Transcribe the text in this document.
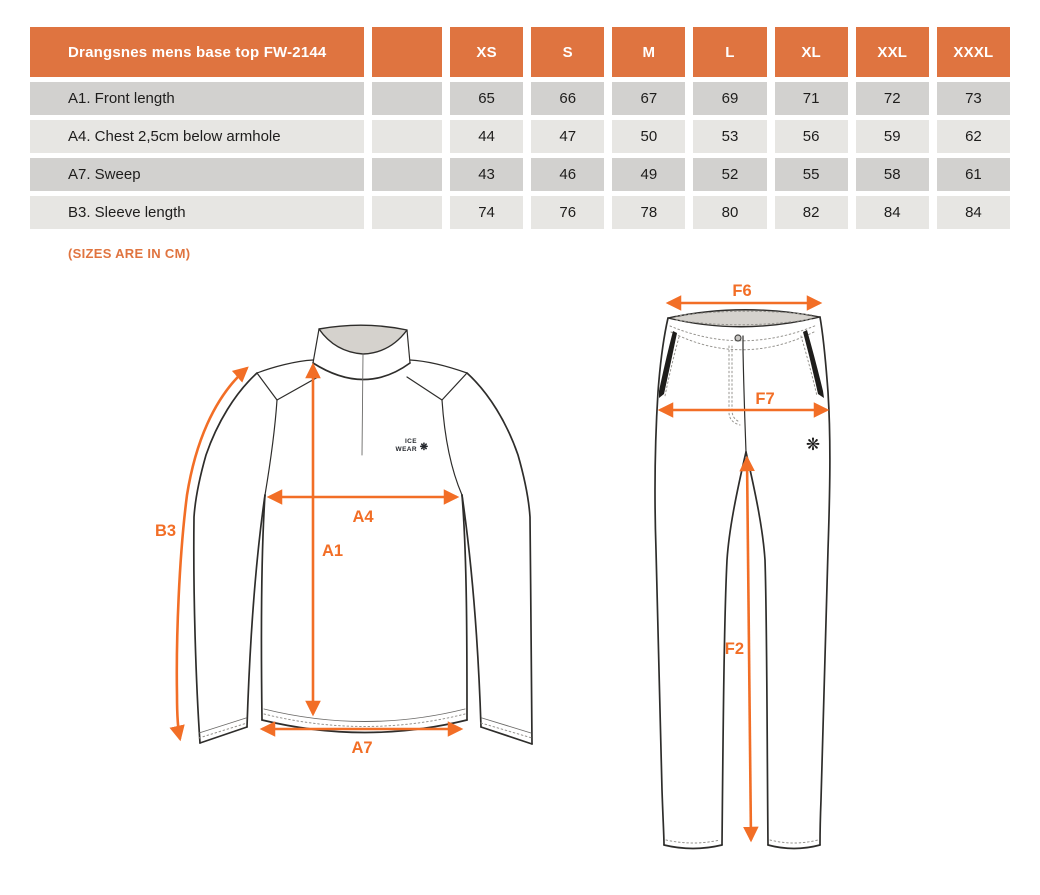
Drangsnes mens base top FW-2144	XS	S	M	L	XL	XXL	XXXL
A1. Front length	65	66	67	69	71	72	73
A4. Chest 2,5cm below armhole	44	47	50	53	56	59	62
A7. Sweep	43	46	49	52	55	58	61
B3. Sleeve length	74	76	78	80	82	84	84
(SIZES ARE IN CM)
ICE
WEAR ❋
B3
A1
A4
A7
❋
F6
F7
F2
